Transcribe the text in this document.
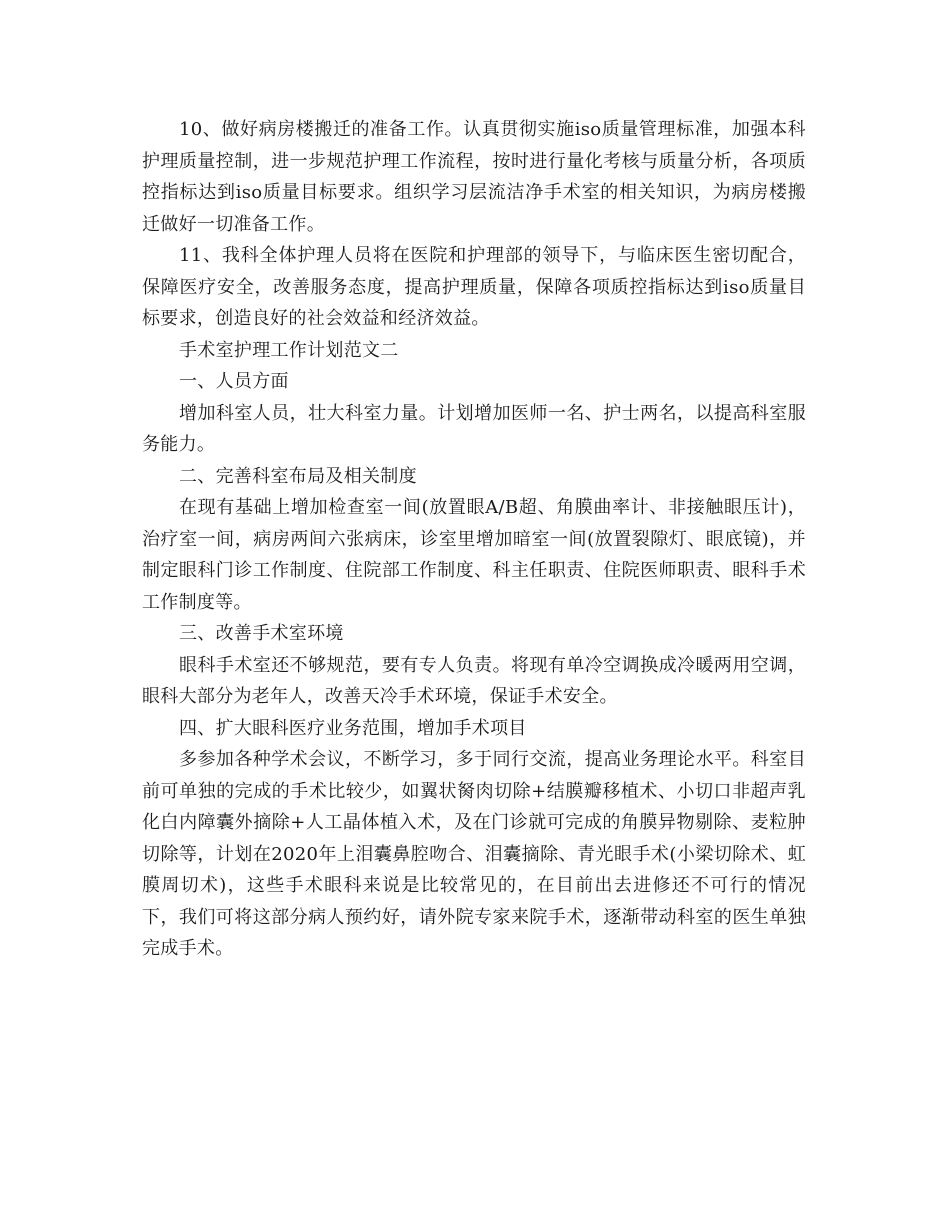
10、做好病房楼搬迁的准备工作。认真贯彻实施iso质量管理标准，加强本科护理质量控制，进一步规范护理工作流程，按时进行量化考核与质量分析，各项质控指标达到iso质量目标要求。组织学习层流洁净手术室的相关知识，为病房楼搬迁做好一切准备工作。

11、我科全体护理人员将在医院和护理部的领导下，与临床医生密切配合，保障医疗安全，改善服务态度，提高护理质量，保障各项质控指标达到iso质量目标要求，创造良好的社会效益和经济效益。

手术室护理工作计划范文二

一、人员方面

增加科室人员，壮大科室力量。计划增加医师一名、护士两名，以提高科室服务能力。

二、完善科室布局及相关制度

在现有基础上增加检查室一间(放置眼A/B超、角膜曲率计、非接触眼压计)，治疗室一间，病房两间六张病床，诊室里增加暗室一间(放置裂隙灯、眼底镜)，并制定眼科门诊工作制度、住院部工作制度、科主任职责、住院医师职责、眼科手术工作制度等。

三、改善手术室环境

眼科手术室还不够规范，要有专人负责。将现有单冷空调换成冷暖两用空调，眼科大部分为老年人，改善天冷手术环境，保证手术安全。

四、扩大眼科医疗业务范围，增加手术项目

多参加各种学术会议，不断学习，多于同行交流，提高业务理论水平。科室目前可单独的完成的手术比较少，如翼状胬肉切除+结膜瓣移植术、小切口非超声乳化白内障囊外摘除+人工晶体植入术，及在门诊就可完成的角膜异物剔除、麦粒肿切除等，计划在2020年上泪囊鼻腔吻合、泪囊摘除、青光眼手术(小梁切除术、虹膜周切术)，这些手术眼科来说是比较常见的，在目前出去进修还不可行的情况下，我们可将这部分病人预约好，请外院专家来院手术，逐渐带动科室的医生单独完成手术。
